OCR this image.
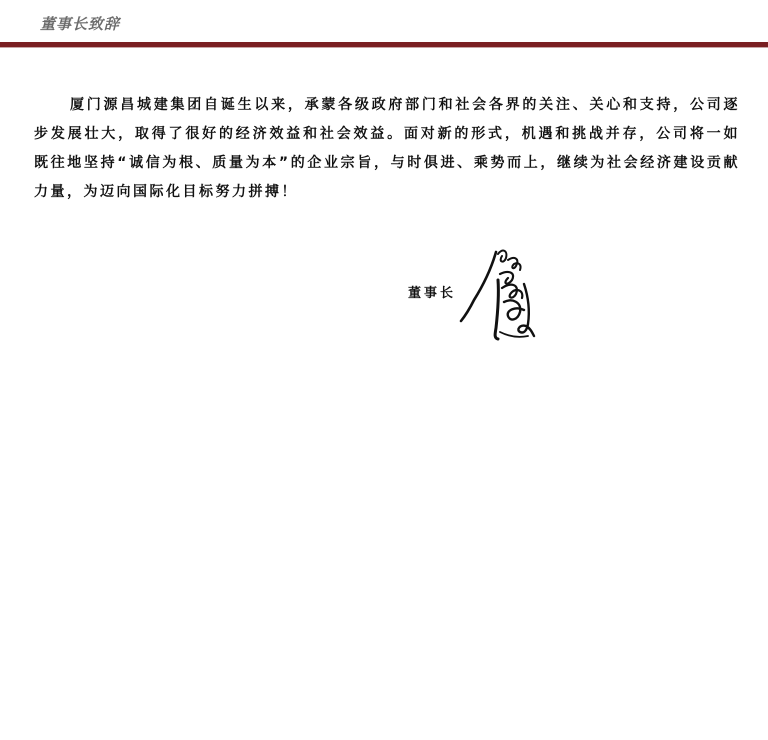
董事长致辞

厦门源昌城建集团自诞生以来，承蒙各级政府部门和社会各界的关注、关心和支持，公司逐步发展壮大，取得了很好的经济效益和社会效益。面对新的形式，机遇和挑战并存，公司将一如既往地坚持“诚信为根、质量为本”的企业宗旨，与时俱进、乘势而上，继续为社会经济建设贡献力量，为迈向国际化目标努力拼搏！

董事长
